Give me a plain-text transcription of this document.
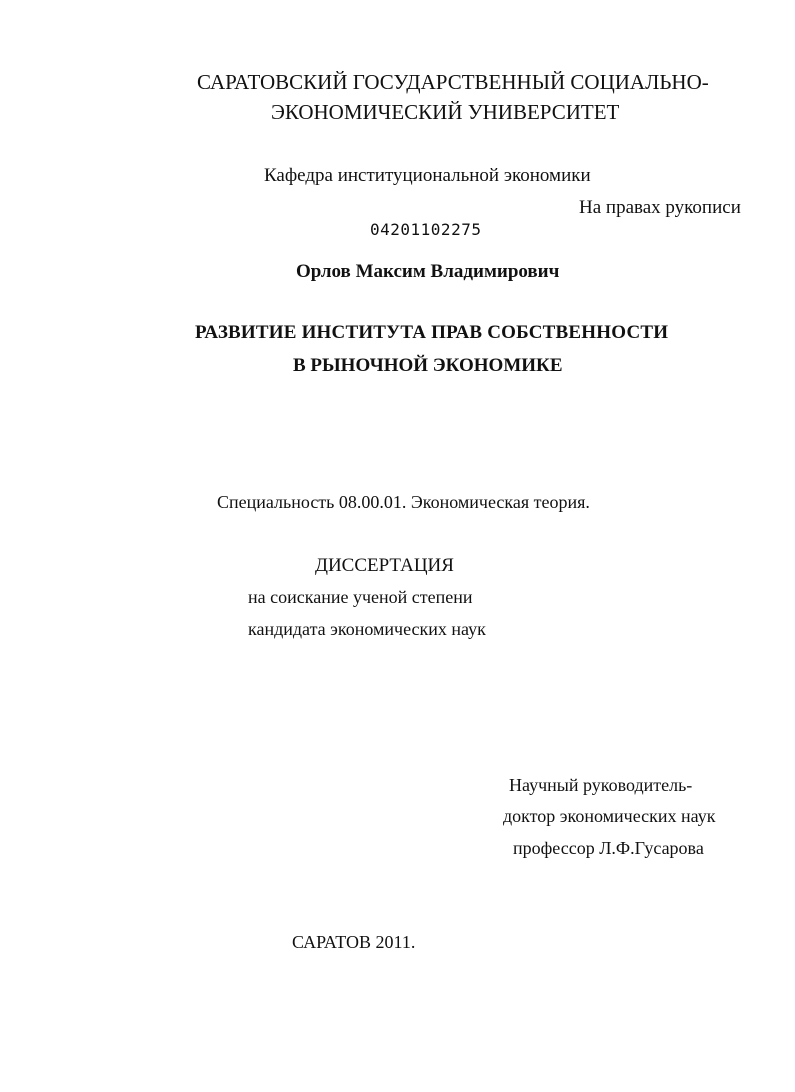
САРАТОВСКИЙ ГОСУДАРСТВЕННЫЙ СОЦИАЛЬНО-
ЭКОНОМИЧЕСКИЙ УНИВЕРСИТЕТ
Кафедра институциональной экономики
На правах рукописи
04201102275
Орлов Максим Владимирович
РАЗВИТИЕ ИНСТИТУТА ПРАВ СОБСТВЕННОСТИ
В РЫНОЧНОЙ ЭКОНОМИКЕ
Специальность 08.00.01. Экономическая теория.
ДИССЕРТАЦИЯ
на соискание ученой степени
кандидата экономических наук
Научный руководитель-
доктор экономических наук
профессор Л.Ф.Гусарова
САРАТОВ 2011.
